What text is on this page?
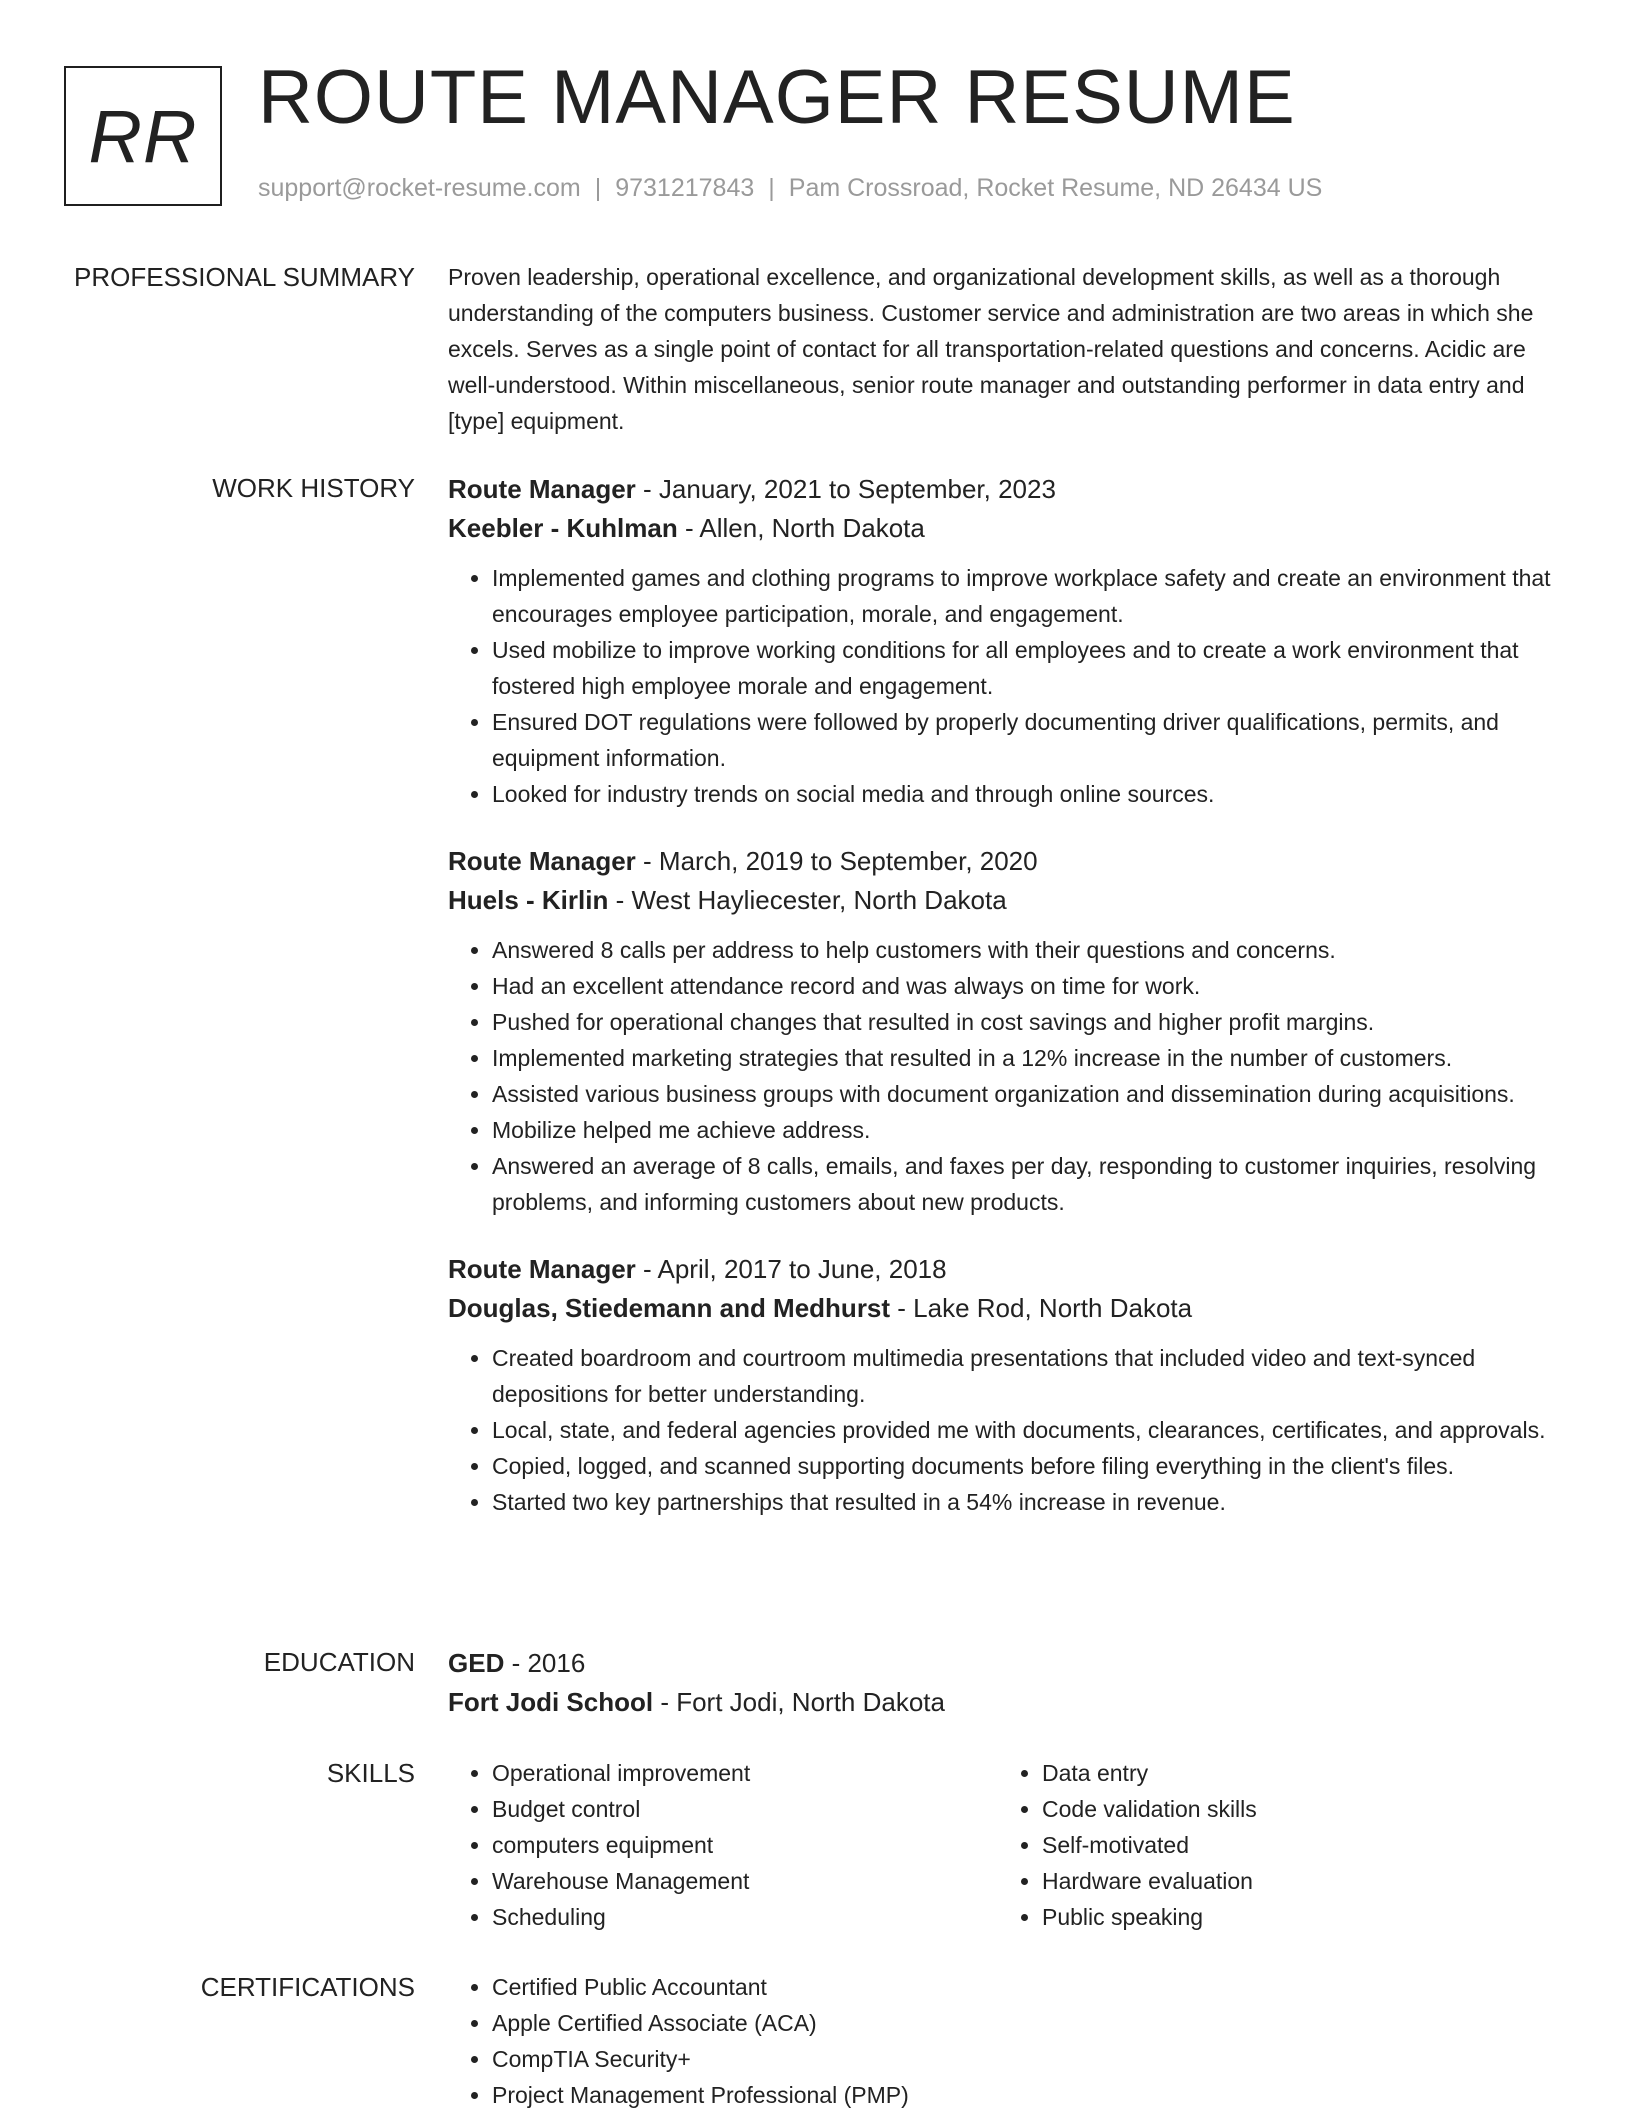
RR ROUTE MANAGER RESUME
support@rocket-resume.com | 9731217843 | Pam Crossroad, Rocket Resume, ND 26434 US
PROFESSIONAL SUMMARY Proven leadership, operational excellence, and organizational development skills, as well as a thorough understanding of the computers business. Customer service and administration are two areas in which she excels. Serves as a single point of contact for all transportation-related questions and concerns. Acidic are well-understood. Within miscellaneous, senior route manager and outstanding performer in data entry and [type] equipment.

WORK HISTORY Route Manager - January, 2021 to September, 2023
Keebler - Kuhlman - Allen, North Dakota
• Implemented games and clothing programs to improve workplace safety and create an environment that encourages employee participation, morale, and engagement.
• Used mobilize to improve working conditions for all employees and to create a work environment that fostered high employee morale and engagement.
• Ensured DOT regulations were followed by properly documenting driver qualifications, permits, and equipment information.
• Looked for industry trends on social media and through online sources.
Route Manager - March, 2019 to September, 2020
Huels - Kirlin - West Hayliecester, North Dakota
• Answered 8 calls per address to help customers with their questions and concerns.
• Had an excellent attendance record and was always on time for work.
• Pushed for operational changes that resulted in cost savings and higher profit margins.
• Implemented marketing strategies that resulted in a 12% increase in the number of customers.
• Assisted various business groups with document organization and dissemination during acquisitions.
• Mobilize helped me achieve address.
• Answered an average of 8 calls, emails, and faxes per day, responding to customer inquiries, resolving problems, and informing customers about new products.
Route Manager - April, 2017 to June, 2018
Douglas, Stiedemann and Medhurst - Lake Rod, North Dakota
• Created boardroom and courtroom multimedia presentations that included video and text-synced depositions for better understanding.
• Local, state, and federal agencies provided me with documents, clearances, certificates, and approvals.
• Copied, logged, and scanned supporting documents before filing everything in the client's files.
• Started two key partnerships that resulted in a 54% increase in revenue.
EDUCATION GED - 2016
Fort Jodi School - Fort Jodi, North Dakota
SKILLS	• Operational improvement
• Budget control
• computers equipment
• Warehouse Management
• Scheduling
• Data entry
• Code validation skills
• Self-motivated
• Hardware evaluation
• Public speaking
CERTIFICATIONS	• Certified Public Accountant
• Apple Certified Associate (ACA)
• CompTIA Security+
• Project Management Professional (PMP)
